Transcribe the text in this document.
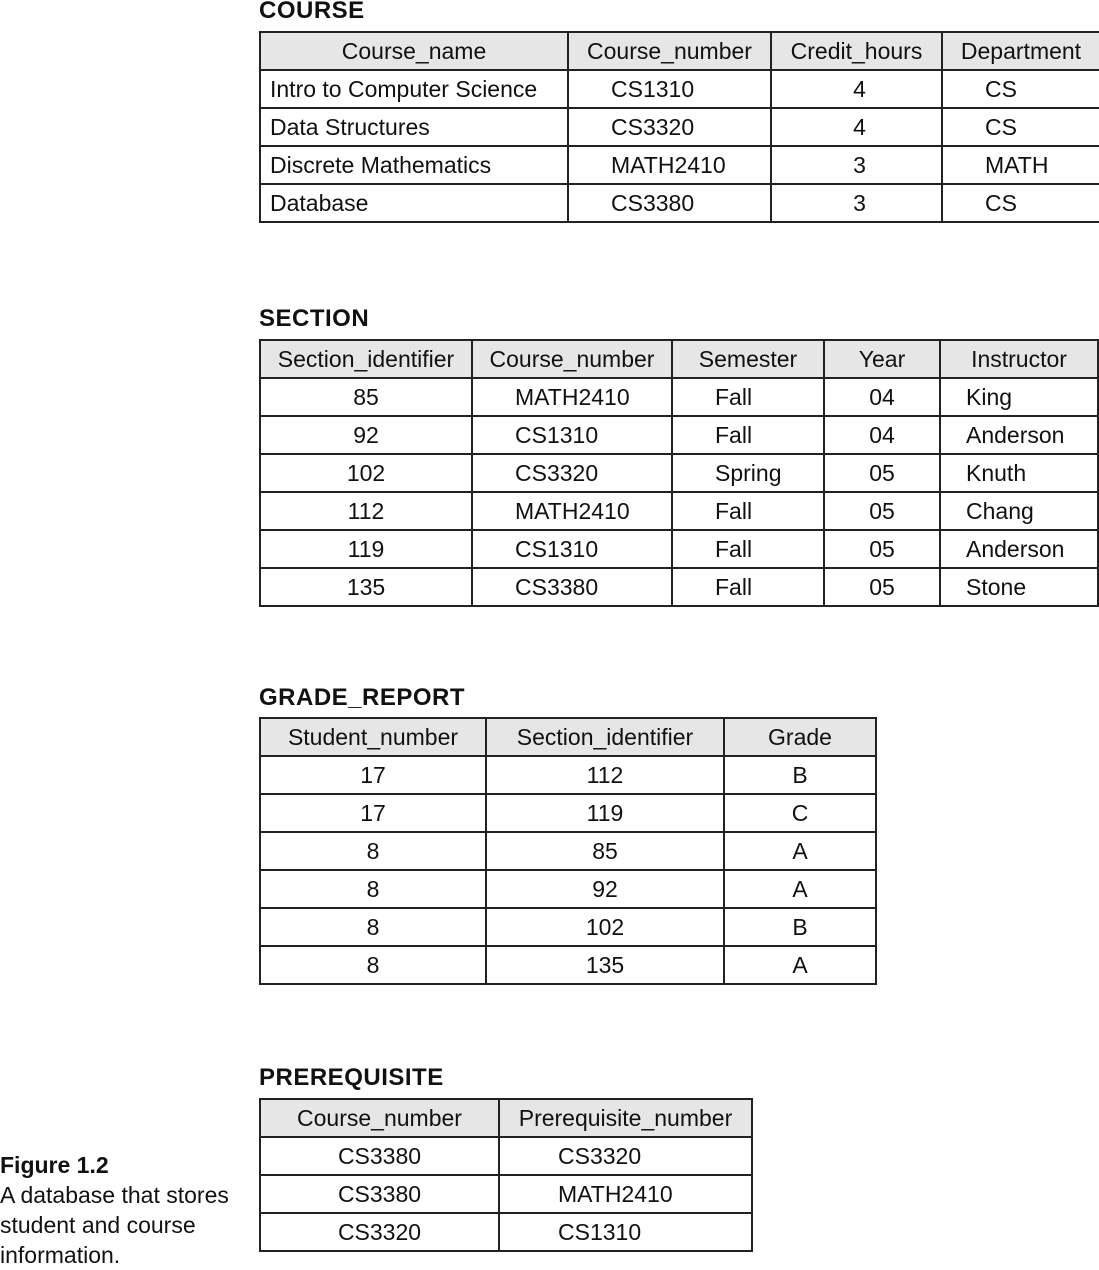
COURSE
Course_name	Course_number	Credit_hours	Department
Intro to Computer Science	CS1310	4	CS
Data Structures	CS3320	4	CS
Discrete Mathematics	MATH2410	3	MATH
Database	CS3380	3	CS
SECTION
Section_identifier	Course_number	Semester	Year	Instructor
85	MATH2410	Fall	04	King
92	CS1310	Fall	04	Anderson
102	CS3320	Spring	05	Knuth
112	MATH2410	Fall	05	Chang
119	CS1310	Fall	05	Anderson
135	CS3380	Fall	05	Stone
GRADE_REPORT
Student_number	Section_identifier	Grade
17	112	B
17	119	C
8	85	A
8	92	A
8	102	B
8	135	A
PREREQUISITE
Course_number	Prerequisite_number
CS3380	CS3320
CS3380	MATH2410
CS3320	CS1310
Figure 1.2
A database that stores student and course information.
